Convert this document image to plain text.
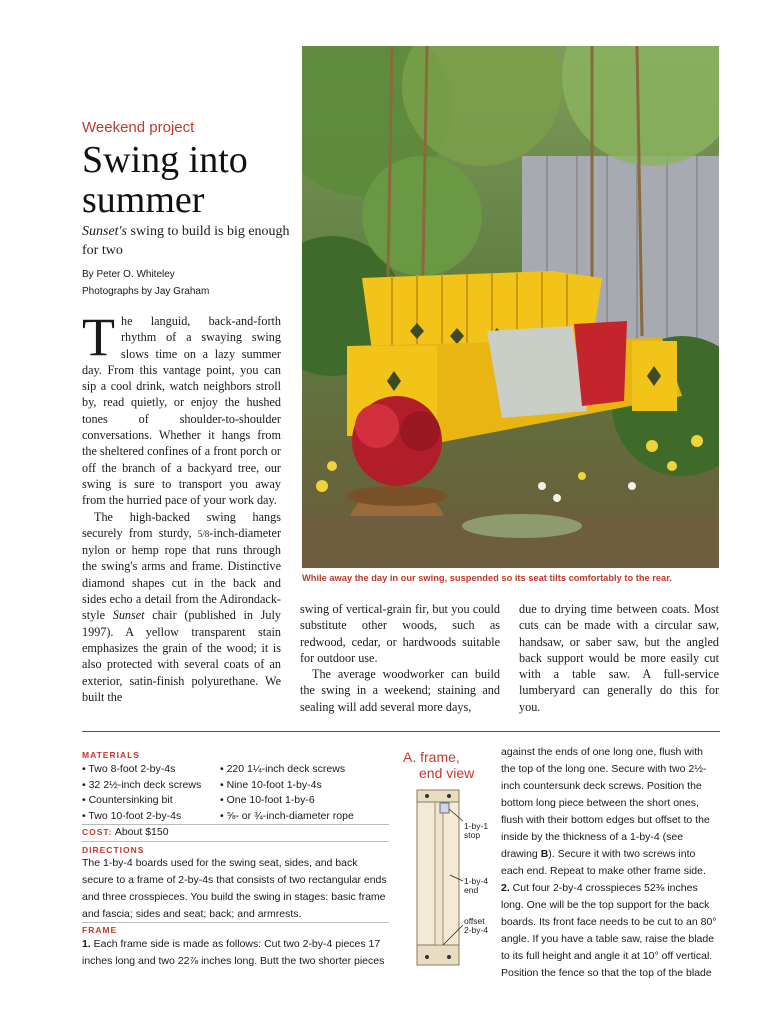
Weekend project
Swing into summer
Sunset's swing to build is big enough for two
By Peter O. Whiteley
Photographs by Jay Graham

The languid, back-and-forth rhythm of a swaying swing slows time on a lazy summer day. From this vantage point, you can sip a cool drink, watch neighbors stroll by, read quietly, or enjoy the hushed tones of shoulder-to-shoulder conversations. Whether it hangs from the sheltered confines of a front porch or off the branch of a backyard tree, our swing is sure to transport you away from the hurried pace of your work day.

The high-backed swing hangs securely from sturdy, 5/8-inch-diameter nylon or hemp rope that runs through the swing's arms and frame. Distinctive diamond shapes cut in the back and sides echo a detail from the Adirondack-style Sunset chair (published in July 1997). A yellow transparent stain emphasizes the grain of the wood; it is also protected with several coats of an exterior, satin-finish polyurethane. We built the

While away the day in our swing, suspended so its seat tilts comfortably to the rear.

swing of vertical-grain fir, but you could substitute other woods, such as redwood, cedar, or hardwoods suitable for outdoor use.

The average woodworker can build the swing in a weekend; staining and sealing will add several more days,

due to drying time between coats. Most cuts can be made with a circular saw, handsaw, or saber saw, but the angled back support would be more easily cut with a table saw. A full-service lumberyard can generally do this for you.

MATERIALS
• Two 8-foot 2-by-4s
• 32 2½-inch deck screws
• Countersinking bit
• Two 10-foot 2-by-4s
• 220 1¼-inch deck screws
• Nine 10-foot 1-by-4s
• One 10-foot 1-by-6
• ⅝- or ¾-inch-diameter rope
COST: About $150
DIRECTIONS
The 1-by-4 boards used for the swing seat, sides, and back secure to a frame of 2-by-4s that consists of two rectangular ends and three crosspieces. You build the swing in stages: basic frame and fascia; sides and seat; back; and armrests.
FRAME
1. Each frame side is made as follows: Cut two 2-by-4 pieces 17 inches long and two 22⅞ inches long. Butt the two shorter pieces
A. frame,
end view
1-by-1
stop
1-by-4
end
offset
2-by-4
against the ends of one long one, flush with the top of the long one. Secure with two 2½-inch countersunk deck screws. Position the bottom long piece between the short ones, flush with their bottom edges but offset to the inside by the thickness of a 1-by-4 (see drawing B). Secure it with two screws into each end. Repeat to make other frame side.
2. Cut four 2-by-4 crosspieces 52⅜ inches long. One will be the top support for the back boards. Its front face needs to be cut to an 80° angle. If you have a table saw, raise the blade to its full height and angle it at 10° off vertical. Position the fence so that the top of the blade
